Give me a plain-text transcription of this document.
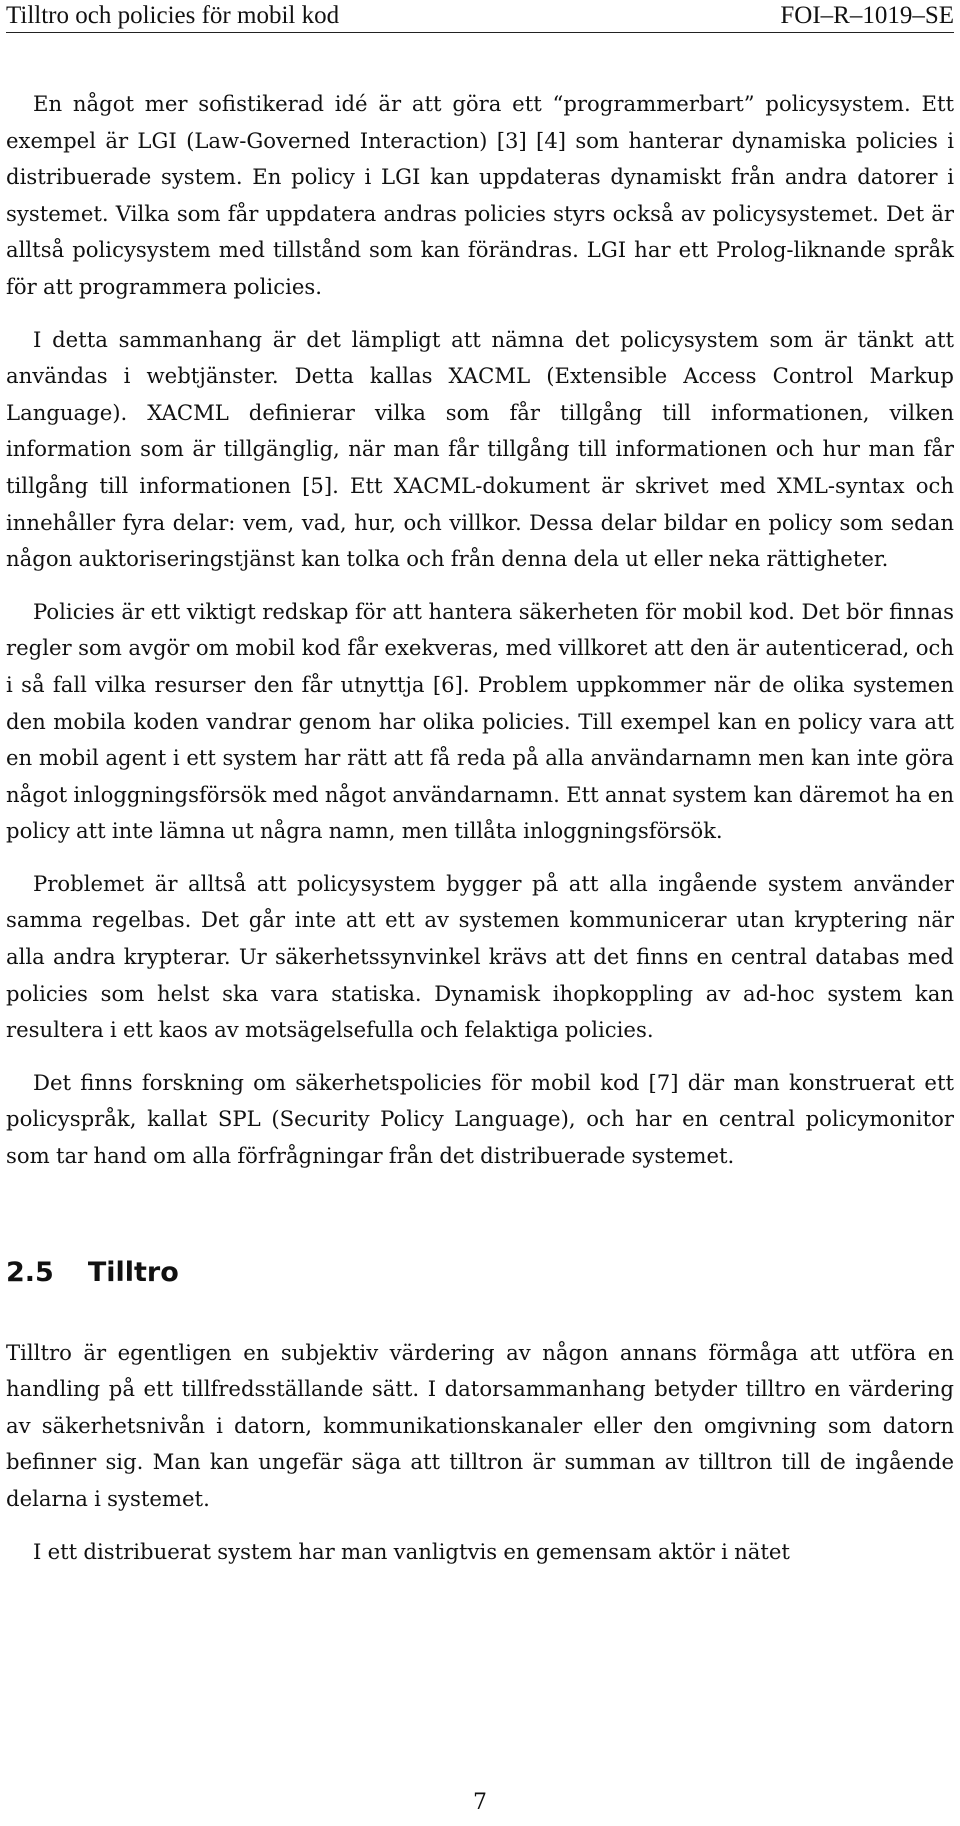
Tilltro och policies för mobil kod	FOI–R–1019–SE

En något mer sofistikerad idé är att göra ett “programmerbart” policysystem. Ett exempel är LGI (Law-Governed Interaction) [3] [4] som hanterar dynamiska policies i distribuerade system. En policy i LGI kan uppdateras dynamiskt från andra datorer i systemet. Vilka som får uppdatera andras policies styrs också av policysystemet. Det är alltså policysystem med tillstånd som kan förändras. LGI har ett Prolog-liknande språk för att programmera policies.

I detta sammanhang är det lämpligt att nämna det policysystem som är tänkt att användas i webtjänster. Detta kallas XACML (Extensible Access Control Markup Language). XACML definierar vilka som får tillgång till informationen, vilken information som är tillgänglig, när man får tillgång till informationen och hur man får tillgång till informationen [5]. Ett XACML-dokument är skrivet med XML-syntax och innehåller fyra delar: vem, vad, hur, och villkor. Dessa delar bildar en policy som sedan någon auktoriseringstjänst kan tolka och från denna dela ut eller neka rättigheter.

Policies är ett viktigt redskap för att hantera säkerheten för mobil kod. Det bör finnas regler som avgör om mobil kod får exekveras, med villkoret att den är autenticerad, och i så fall vilka resurser den får utnyttja [6]. Problem uppkommer när de olika systemen den mobila koden vandrar genom har olika policies. Till exempel kan en policy vara att en mobil agent i ett system har rätt att få reda på alla användarnamn men kan inte göra något inloggningsförsök med något användarnamn. Ett annat system kan däremot ha en policy att inte lämna ut några namn, men tillåta inloggningsförsök.

Problemet är alltså att policysystem bygger på att alla ingående system använder samma regelbas. Det går inte att ett av systemen kommunicerar utan kryptering när alla andra krypterar. Ur säkerhetssynvinkel krävs att det finns en central databas med policies som helst ska vara statiska. Dynamisk ihopkoppling av ad-hoc system kan resultera i ett kaos av motsägelsefulla och felaktiga policies.

Det finns forskning om säkerhetspolicies för mobil kod [7] där man konstruerat ett policyspråk, kallat SPL (Security Policy Language), och har en central policymonitor som tar hand om alla förfrågningar från det distribuerade systemet.

2.5 Tilltro

Tilltro är egentligen en subjektiv värdering av någon annans förmåga att utföra en handling på ett tillfredsställande sätt. I datorsammanhang betyder tilltro en värdering av säkerhetsnivån i datorn, kommunikationskanaler eller den omgivning som datorn befinner sig. Man kan ungefär säga att tilltron är summan av tilltron till de ingående delarna i systemet.

I ett distribuerat system har man vanligtvis en gemensam aktör i nätet

7
